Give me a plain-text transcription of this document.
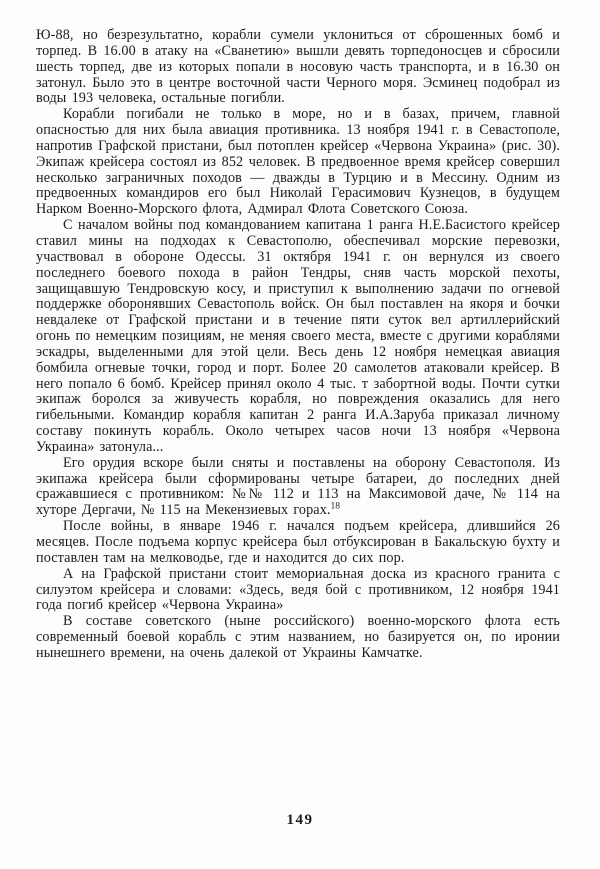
Ю-88, но безрезультатно, корабли сумели уклониться от сброшенных бомб и торпед. В 16.00 в атаку на «Сванетию» вышли девять торпедоносцев и сбросили шесть торпед, две из которых попали в носовую часть транспорта, и в 16.30 он затонул. Было это в центре восточной части Черного моря. Эсминец подобрал из воды 193 человека, остальные погибли.

Корабли погибали не только в море, но и в базах, причем, главной опасностью для них была авиация противника. 13 ноября 1941 г. в Севастополе, напротив Графской пристани, был потоплен крейсер «Червона Украина» (рис. 30). Экипаж крейсера состоял из 852 человек. В предвоенное время крейсер совершил несколько заграничных походов — дважды в Турцию и в Мессину. Одним из предвоенных командиров его был Николай Герасимович Кузнецов, в будущем Нарком Военно-Морского флота, Адмирал Флота Советского Союза.

С началом войны под командованием капитана 1 ранга Н.Е.Басистого крейсер ставил мины на подходах к Севастополю, обеспечивал морские перевозки, участвовал в обороне Одессы. 31 октября 1941 г. он вернулся из своего последнего боевого похода в район Тендры, сняв часть морской пехоты, защищавшую Тендровскую косу, и приступил к выполнению задачи по огневой поддержке оборонявших Севастополь войск. Он был поставлен на якоря и бочки невдалеке от Графской пристани и в течение пяти суток вел артиллерийский огонь по немецким позициям, не меняя своего места, вместе с другими кораблями эскадры, выделенными для этой цели. Весь день 12 ноября немецкая авиация бомбила огневые точки, город и порт. Более 20 самолетов атаковали крейсер. В него попало 6 бомб. Крейсер принял около 4 тыс. т забортной воды. Почти сутки экипаж боролся за живучесть корабля, но повреждения оказались для него гибельными. Командир корабля капитан 2 ранга И.А.Заруба приказал личному составу покинуть корабль. Около четырех часов ночи 13 ноября «Червона Украина» затонула...

Его орудия вскоре были сняты и поставлены на оборону Севастополя. Из экипажа крейсера были сформированы четыре батареи, до последних дней сражавшиеся с противником: №№ 112 и 113 на Максимовой даче, № 114 на хуторе Дергачи, № 115 на Мекензиевых горах.$^{18}$

После войны, в январе 1946 г. начался подъем крейсера, длившийся 26 месяцев. После подъема корпус крейсера был отбуксирован в Бакальскую бухту и поставлен там на мелководье, где и находится до сих пор.

А на Графской пристани стоит мемориальная доска из красного гранита с силуэтом крейсера и словами: «Здесь, ведя бой с противником, 12 ноября 1941 года погиб крейсер «Червона Украина»

В составе советского (ныне российского) военно-морского флота есть современный боевой корабль с этим названием, но базируется он, по иронии нынешнего времени, на очень далекой от Украины Камчатке.

149
